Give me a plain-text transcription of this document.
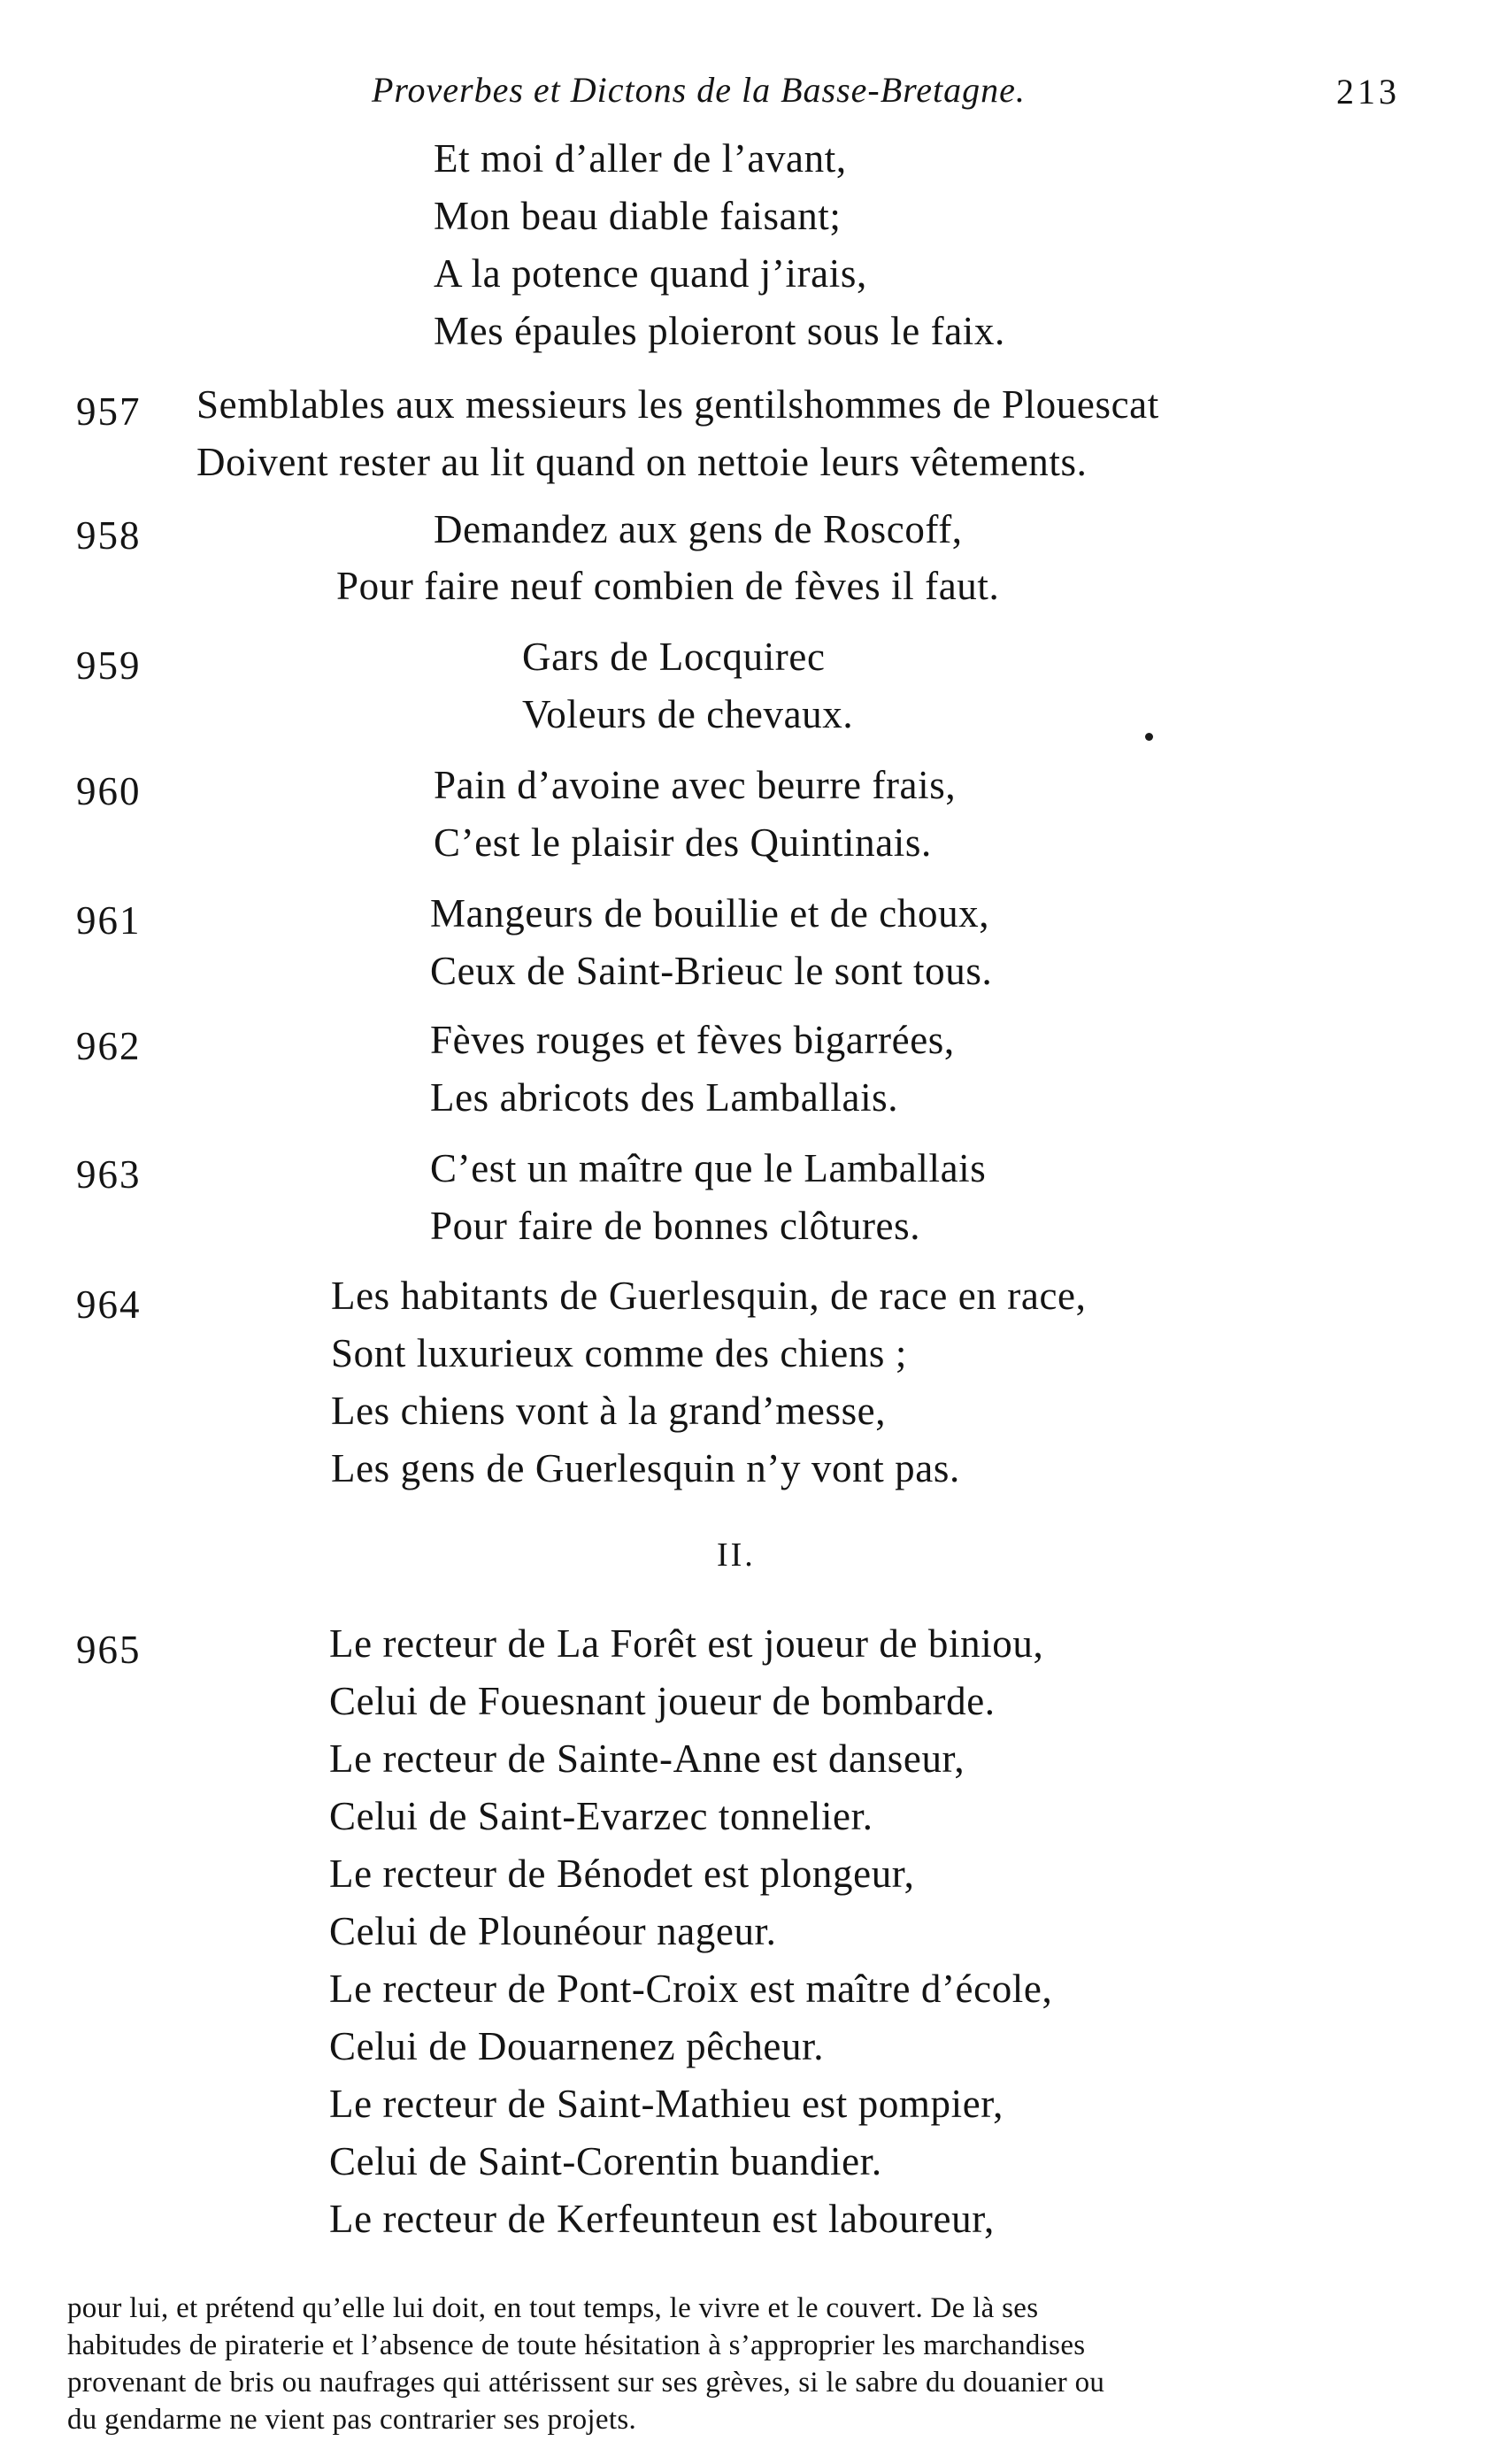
Proverbes et Dictons de la Basse-Bretagne.	213
Et moi d’aller de l’avant,
Mon beau diable faisant;
A la potence quand j’irais,
Mes épaules ploieront sous le faix.
957 Semblables aux messieurs les gentilshommes de Plouescat
Doivent rester au lit quand on nettoie leurs vêtements.
958	Demandez aux gens de Roscoff,
Pour faire neuf combien de fèves il faut.
959	Gars de Locquirec
Voleurs de chevaux.
960	Pain d’avoine avec beurre frais,
C’est le plaisir des Quintinais.
961	Mangeurs de bouillie et de choux,
Ceux de Saint-Brieuc le sont tous.
962	Fèves rouges et fèves bigarrées,
Les abricots des Lamballais.
963	C’est un maître que le Lamballais
Pour faire de bonnes clôtures.
964	Les habitants de Guerlesquin, de race en race,
Sont luxurieux comme des chiens ;
Les chiens vont à la grand’messe,
Les gens de Guerlesquin n’y vont pas.
II.
965	Le recteur de La Forêt est joueur de biniou,
Celui de Fouesnant joueur de bombarde.
Le recteur de Sainte-Anne est danseur,
Celui de Saint-Evarzec tonnelier.
Le recteur de Bénodet est plongeur,
Celui de Plounéour nageur.
Le recteur de Pont-Croix est maître d’école,
Celui de Douarnenez pêcheur.
Le recteur de Saint-Mathieu est pompier,
Celui de Saint-Corentin buandier.
Le recteur de Kerfeunteun est laboureur,
pour lui, et prétend qu’elle lui doit, en tout temps, le vivre et le couvert. De là ses
habitudes de piraterie et l’absence de toute hésitation à s’approprier les marchandises
provenant de bris ou naufrages qui attérissent sur ses grèves, si le sabre du douanier ou
du gendarme ne vient pas contrarier ses projets.
